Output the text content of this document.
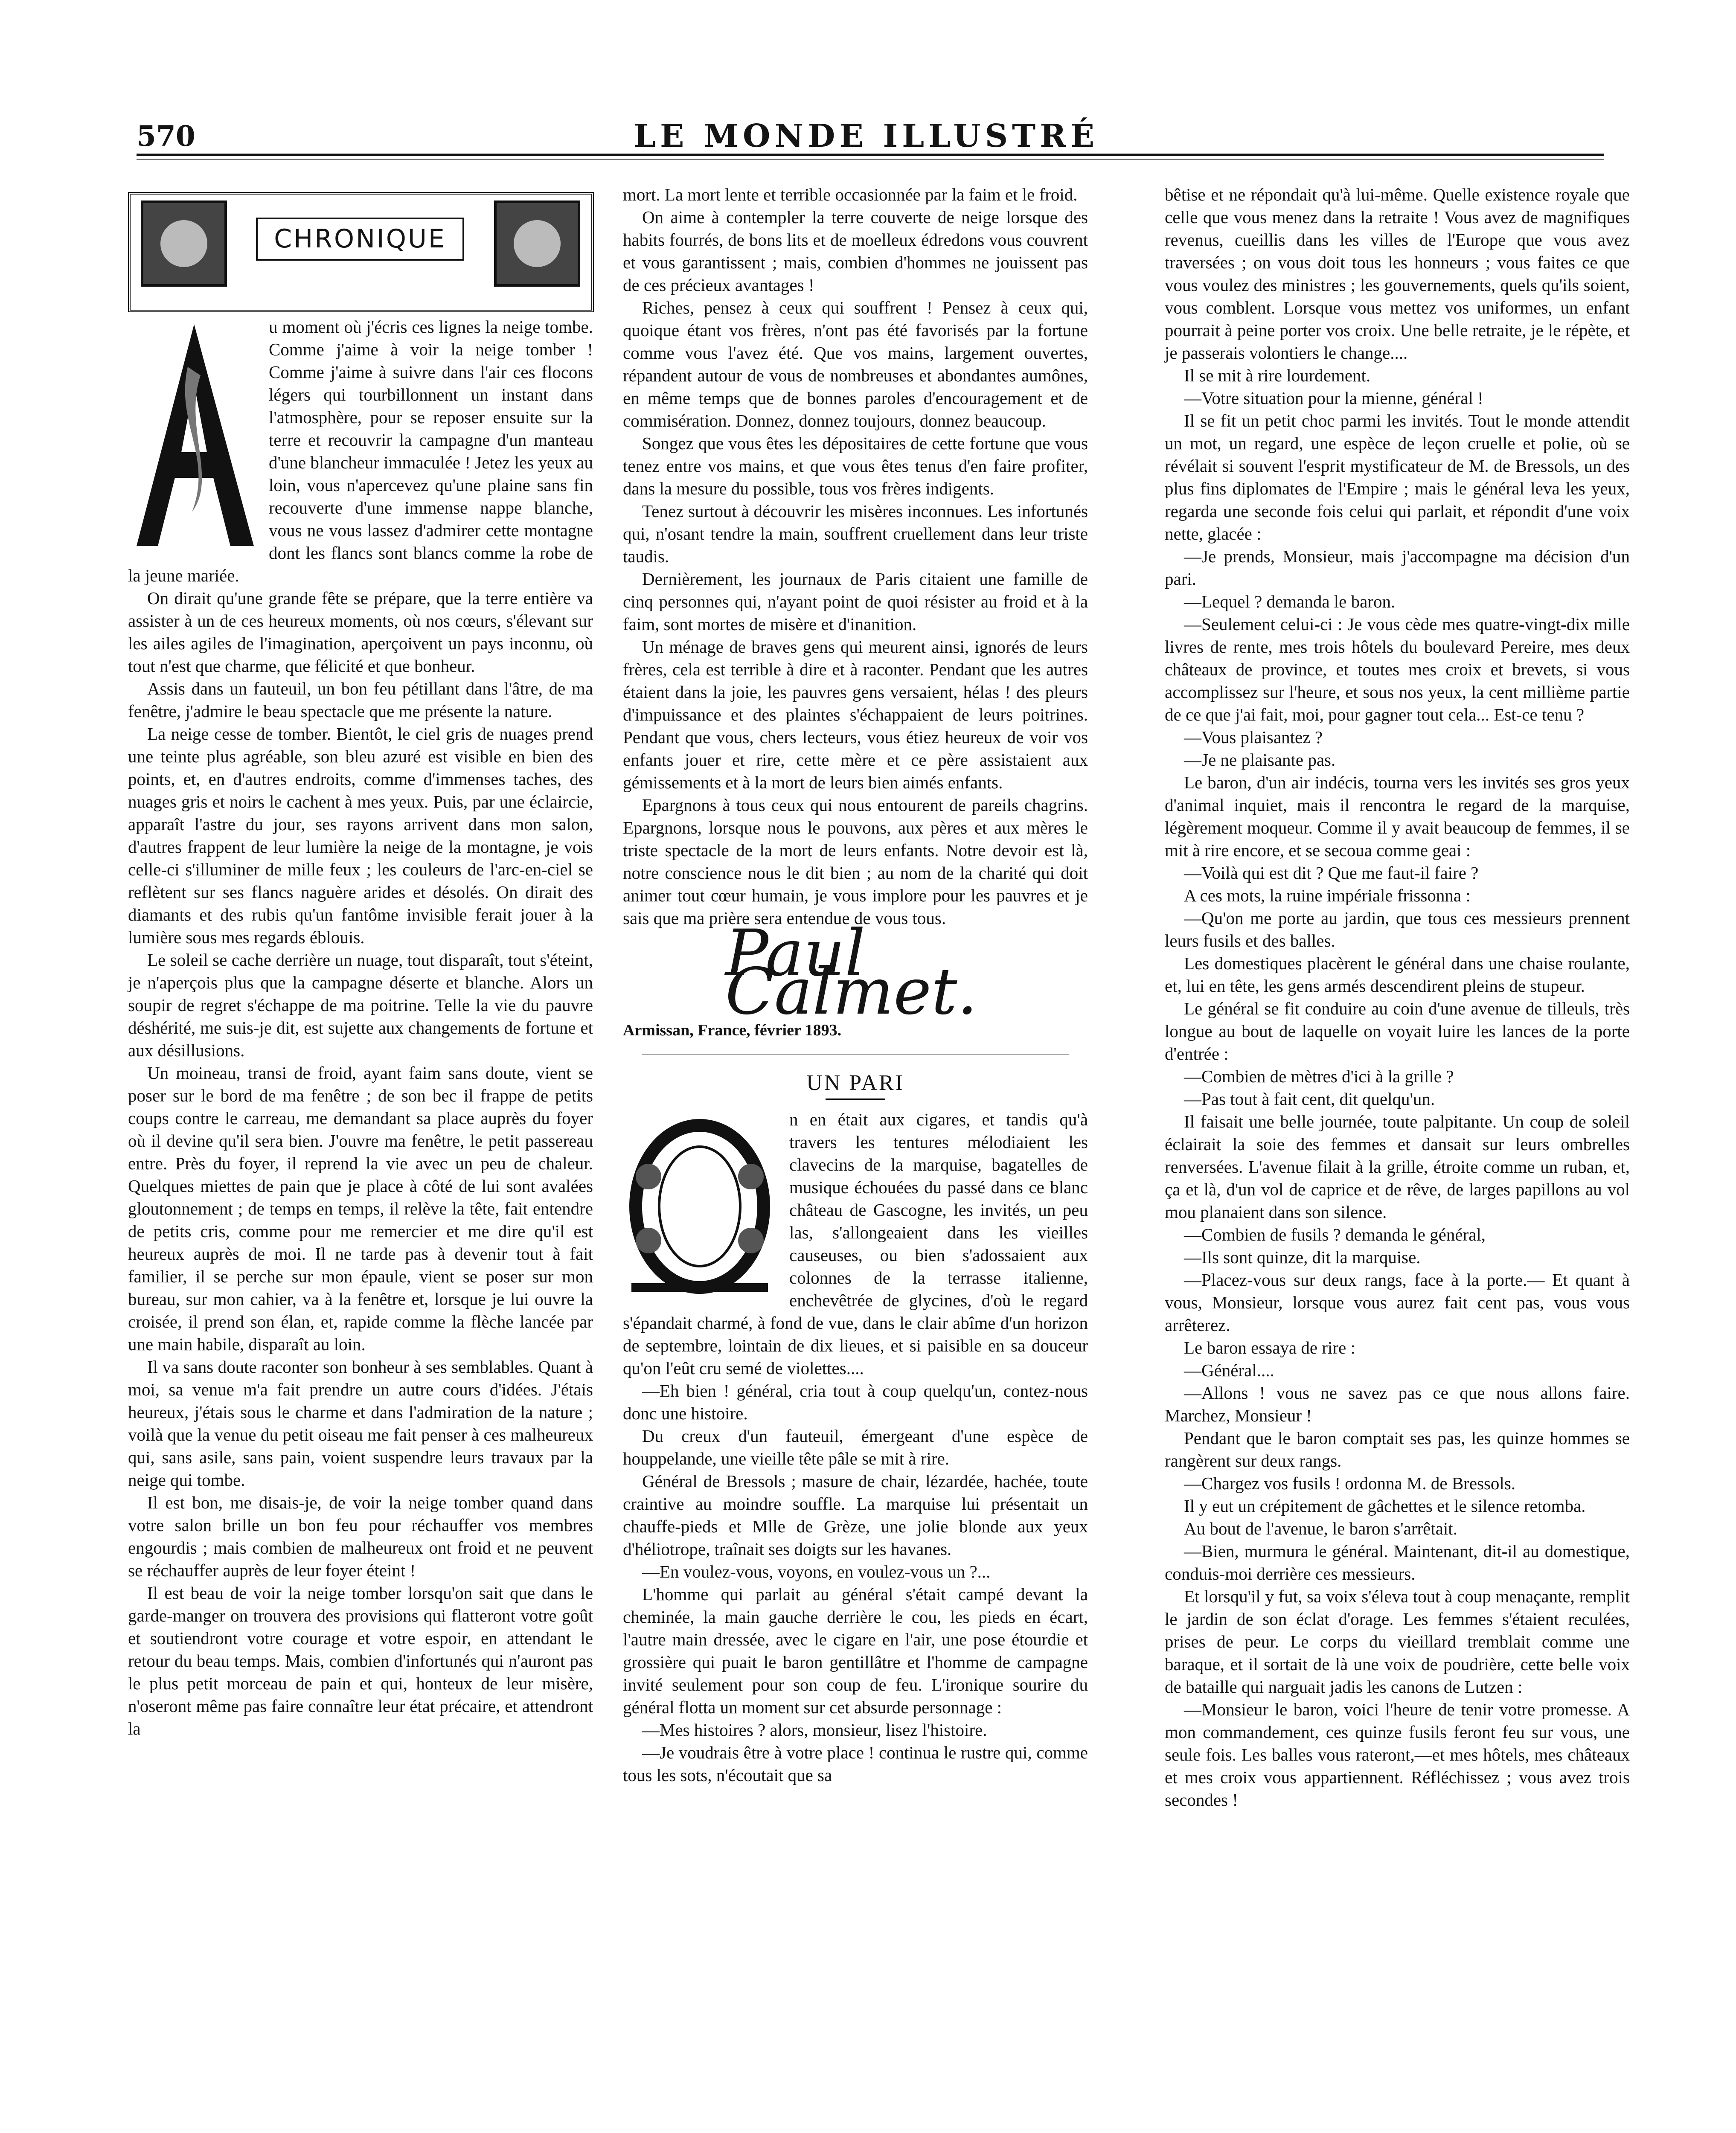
570	LE MONDE ILLUSTRÉ
CHRONIQUE

u moment où j'écris ces lignes la neige tombe. Comme j'aime à voir la neige tomber ! Comme j'aime à suivre dans l'air ces flocons légers qui tourbillonnent un instant dans l'atmosphère, pour se reposer ensuite sur la terre et recouvrir la campagne d'un manteau d'une blancheur immaculée ! Jetez les yeux au loin, vous n'apercevez qu'une plaine sans fin recouverte d'une immense nappe blanche, vous ne vous lassez d'admirer cette montagne dont les flancs sont blancs comme la robe de la jeune mariée.

On dirait qu'une grande fête se prépare, que la terre entière va assister à un de ces heureux moments, où nos cœurs, s'élevant sur les ailes agiles de l'imagination, aperçoivent un pays inconnu, où tout n'est que charme, que félicité et que bonheur.

Assis dans un fauteuil, un bon feu pétillant dans l'âtre, de ma fenêtre, j'admire le beau spectacle que me présente la nature.

La neige cesse de tomber. Bientôt, le ciel gris de nuages prend une teinte plus agréable, son bleu azuré est visible en bien des points, et, en d'autres endroits, comme d'immenses taches, des nuages gris et noirs le cachent à mes yeux. Puis, par une éclaircie, apparaît l'astre du jour, ses rayons arrivent dans mon salon, d'autres frappent de leur lumière la neige de la montagne, je vois celle-ci s'illuminer de mille feux ; les couleurs de l'arc-en-ciel se reflètent sur ses flancs naguère arides et désolés. On dirait des diamants et des rubis qu'un fantôme invisible ferait jouer à la lumière sous mes regards éblouis.

Le soleil se cache derrière un nuage, tout disparaît, tout s'éteint, je n'aperçois plus que la campagne déserte et blanche. Alors un soupir de regret s'échappe de ma poitrine. Telle la vie du pauvre déshérité, me suis-je dit, est sujette aux changements de fortune et aux désillusions.

Un moineau, transi de froid, ayant faim sans doute, vient se poser sur le bord de ma fenêtre ; de son bec il frappe de petits coups contre le carreau, me demandant sa place auprès du foyer où il devine qu'il sera bien. J'ouvre ma fenêtre, le petit passereau entre. Près du foyer, il reprend la vie avec un peu de chaleur. Quelques miettes de pain que je place à côté de lui sont avalées gloutonnement ; de temps en temps, il relève la tête, fait entendre de petits cris, comme pour me remercier et me dire qu'il est heureux auprès de moi. Il ne tarde pas à devenir tout à fait familier, il se perche sur mon épaule, vient se poser sur mon bureau, sur mon cahier, va à la fenêtre et, lorsque je lui ouvre la croisée, il prend son élan, et, rapide comme la flèche lancée par une main habile, disparaît au loin.

Il va sans doute raconter son bonheur à ses semblables. Quant à moi, sa venue m'a fait prendre un autre cours d'idées. J'étais heureux, j'étais sous le charme et dans l'admiration de la nature ; voilà que la venue du petit oiseau me fait penser à ces malheureux qui, sans asile, sans pain, voient suspendre leurs travaux par la neige qui tombe.

Il est bon, me disais-je, de voir la neige tomber quand dans votre salon brille un bon feu pour réchauffer vos membres engourdis ; mais combien de malheureux ont froid et ne peuvent se réchauffer auprès de leur foyer éteint !

Il est beau de voir la neige tomber lorsqu'on sait que dans le garde-manger on trouvera des provisions qui flatteront votre goût et soutiendront votre courage et votre espoir, en attendant le retour du beau temps. Mais, combien d'infortunés qui n'auront pas le plus petit morceau de pain et qui, honteux de leur misère, n'oseront même pas faire connaître leur état précaire, et attendront la

mort. La mort lente et terrible occasionnée par la faim et le froid.

On aime à contempler la terre couverte de neige lorsque des habits fourrés, de bons lits et de moelleux édredons vous couvrent et vous garantissent ; mais, combien d'hommes ne jouissent pas de ces précieux avantages !

Riches, pensez à ceux qui souffrent ! Pensez à ceux qui, quoique étant vos frères, n'ont pas été favorisés par la fortune comme vous l'avez été. Que vos mains, largement ouvertes, répandent autour de vous de nombreuses et abondantes aumônes, en même temps que de bonnes paroles d'encouragement et de commisération. Donnez, donnez toujours, donnez beaucoup.

Songez que vous êtes les dépositaires de cette fortune que vous tenez entre vos mains, et que vous êtes tenus d'en faire profiter, dans la mesure du possible, tous vos frères indigents.

Tenez surtout à découvrir les misères inconnues. Les infortunés qui, n'osant tendre la main, souffrent cruellement dans leur triste taudis.

Dernièrement, les journaux de Paris citaient une famille de cinq personnes qui, n'ayant point de quoi résister au froid et à la faim, sont mortes de misère et d'inanition.

Un ménage de braves gens qui meurent ainsi, ignorés de leurs frères, cela est terrible à dire et à raconter. Pendant que les autres étaient dans la joie, les pauvres gens versaient, hélas ! des pleurs d'impuissance et des plaintes s'échappaient de leurs poitrines. Pendant que vous, chers lecteurs, vous étiez heureux de voir vos enfants jouer et rire, cette mère et ce père assistaient aux gémissements et à la mort de leurs bien aimés enfants.

Epargnons à tous ceux qui nous entourent de pareils chagrins. Epargnons, lorsque nous le pouvons, aux pères et aux mères le triste spectacle de la mort de leurs enfants. Notre devoir est là, notre conscience nous le dit bien ; au nom de la charité qui doit animer tout cœur humain, je vous implore pour les pauvres et je sais que ma prière sera entendue de vous tous.

Paul Calmet.
Armissan, France, février 1893.
UN PARI

n en était aux cigares, et tandis qu'à travers les tentures mélodiaient les clavecins de la marquise, bagatelles de musique échouées du passé dans ce blanc château de Gascogne, les invités, un peu las, s'allongeaient dans les vieilles causeuses, ou bien s'adossaient aux colonnes de la terrasse italienne, enchevêtrée de glycines, d'où le regard s'épandait charmé, à fond de vue, dans le clair abîme d'un horizon de septembre, lointain de dix lieues, et si paisible en sa douceur qu'on l'eût cru semé de violettes....

—Eh bien ! général, cria tout à coup quelqu'un, contez-nous donc une histoire.

Du creux d'un fauteuil, émergeant d'une espèce de houppelande, une vieille tête pâle se mit à rire.

Général de Bressols ; masure de chair, lézardée, hachée, toute craintive au moindre souffle. La marquise lui présentait un chauffe-pieds et Mlle de Grèze, une jolie blonde aux yeux d'héliotrope, traînait ses doigts sur les havanes.

—En voulez-vous, voyons, en voulez-vous un ?...

L'homme qui parlait au général s'était campé devant la cheminée, la main gauche derrière le cou, les pieds en écart, l'autre main dressée, avec le cigare en l'air, une pose étourdie et grossière qui puait le baron gentillâtre et l'homme de campagne invité seulement pour son coup de feu. L'ironique sourire du général flotta un moment sur cet absurde personnage :

—Mes histoires ? alors, monsieur, lisez l'histoire.

—Je voudrais être à votre place ! continua le rustre qui, comme tous les sots, n'écoutait que sa

bêtise et ne répondait qu'à lui-même. Quelle existence royale que celle que vous menez dans la retraite ! Vous avez de magnifiques revenus, cueillis dans les villes de l'Europe que vous avez traversées ; on vous doit tous les honneurs ; vous faites ce que vous voulez des ministres ; les gouvernements, quels qu'ils soient, vous comblent. Lorsque vous mettez vos uniformes, un enfant pourrait à peine porter vos croix. Une belle retraite, je le répète, et je passerais volontiers le change....

Il se mit à rire lourdement.

—Votre situation pour la mienne, général !

Il se fit un petit choc parmi les invités. Tout le monde attendit un mot, un regard, une espèce de leçon cruelle et polie, où se révélait si souvent l'esprit mystificateur de M. de Bressols, un des plus fins diplomates de l'Empire ; mais le général leva les yeux, regarda une seconde fois celui qui parlait, et répondit d'une voix nette, glacée :

—Je prends, Monsieur, mais j'accompagne ma décision d'un pari.

—Lequel ? demanda le baron.

—Seulement celui-ci : Je vous cède mes quatre-vingt-dix mille livres de rente, mes trois hôtels du boulevard Pereire, mes deux châteaux de province, et toutes mes croix et brevets, si vous accomplissez sur l'heure, et sous nos yeux, la cent millième partie de ce que j'ai fait, moi, pour gagner tout cela... Est-ce tenu ?

—Vous plaisantez ?

—Je ne plaisante pas.

Le baron, d'un air indécis, tourna vers les invités ses gros yeux d'animal inquiet, mais il rencontra le regard de la marquise, légèrement moqueur. Comme il y avait beaucoup de femmes, il se mit à rire encore, et se secoua comme geai :

—Voilà qui est dit ? Que me faut-il faire ?

A ces mots, la ruine impériale frissonna :

—Qu'on me porte au jardin, que tous ces messieurs prennent leurs fusils et des balles.

Les domestiques placèrent le général dans une chaise roulante, et, lui en tête, les gens armés descendirent pleins de stupeur.

Le général se fit conduire au coin d'une avenue de tilleuls, très longue au bout de laquelle on voyait luire les lances de la porte d'entrée :

—Combien de mètres d'ici à la grille ?

—Pas tout à fait cent, dit quelqu'un.

Il faisait une belle journée, toute palpitante. Un coup de soleil éclairait la soie des femmes et dansait sur leurs ombrelles renversées. L'avenue filait à la grille, étroite comme un ruban, et, ça et là, d'un vol de caprice et de rêve, de larges papillons au vol mou planaient dans son silence.

—Combien de fusils ? demanda le général,

—Ils sont quinze, dit la marquise.

—Placez-vous sur deux rangs, face à la porte.— Et quant à vous, Monsieur, lorsque vous aurez fait cent pas, vous vous arrêterez.

Le baron essaya de rire :

—Général....

—Allons ! vous ne savez pas ce que nous allons faire. Marchez, Monsieur !

Pendant que le baron comptait ses pas, les quinze hommes se rangèrent sur deux rangs.

—Chargez vos fusils ! ordonna M. de Bressols.

Il y eut un crépitement de gâchettes et le silence retomba.

Au bout de l'avenue, le baron s'arrêtait.

—Bien, murmura le général. Maintenant, dit-il au domestique, conduis-moi derrière ces messieurs.

Et lorsqu'il y fut, sa voix s'éleva tout à coup menaçante, remplit le jardin de son éclat d'orage. Les femmes s'étaient reculées, prises de peur. Le corps du vieillard tremblait comme une baraque, et il sortait de là une voix de poudrière, cette belle voix de bataille qui narguait jadis les canons de Lutzen :

—Monsieur le baron, voici l'heure de tenir votre promesse. A mon commandement, ces quinze fusils feront feu sur vous, une seule fois. Les balles vous rateront,—et mes hôtels, mes châteaux et mes croix vous appartiennent. Réfléchissez ; vous avez trois secondes !
